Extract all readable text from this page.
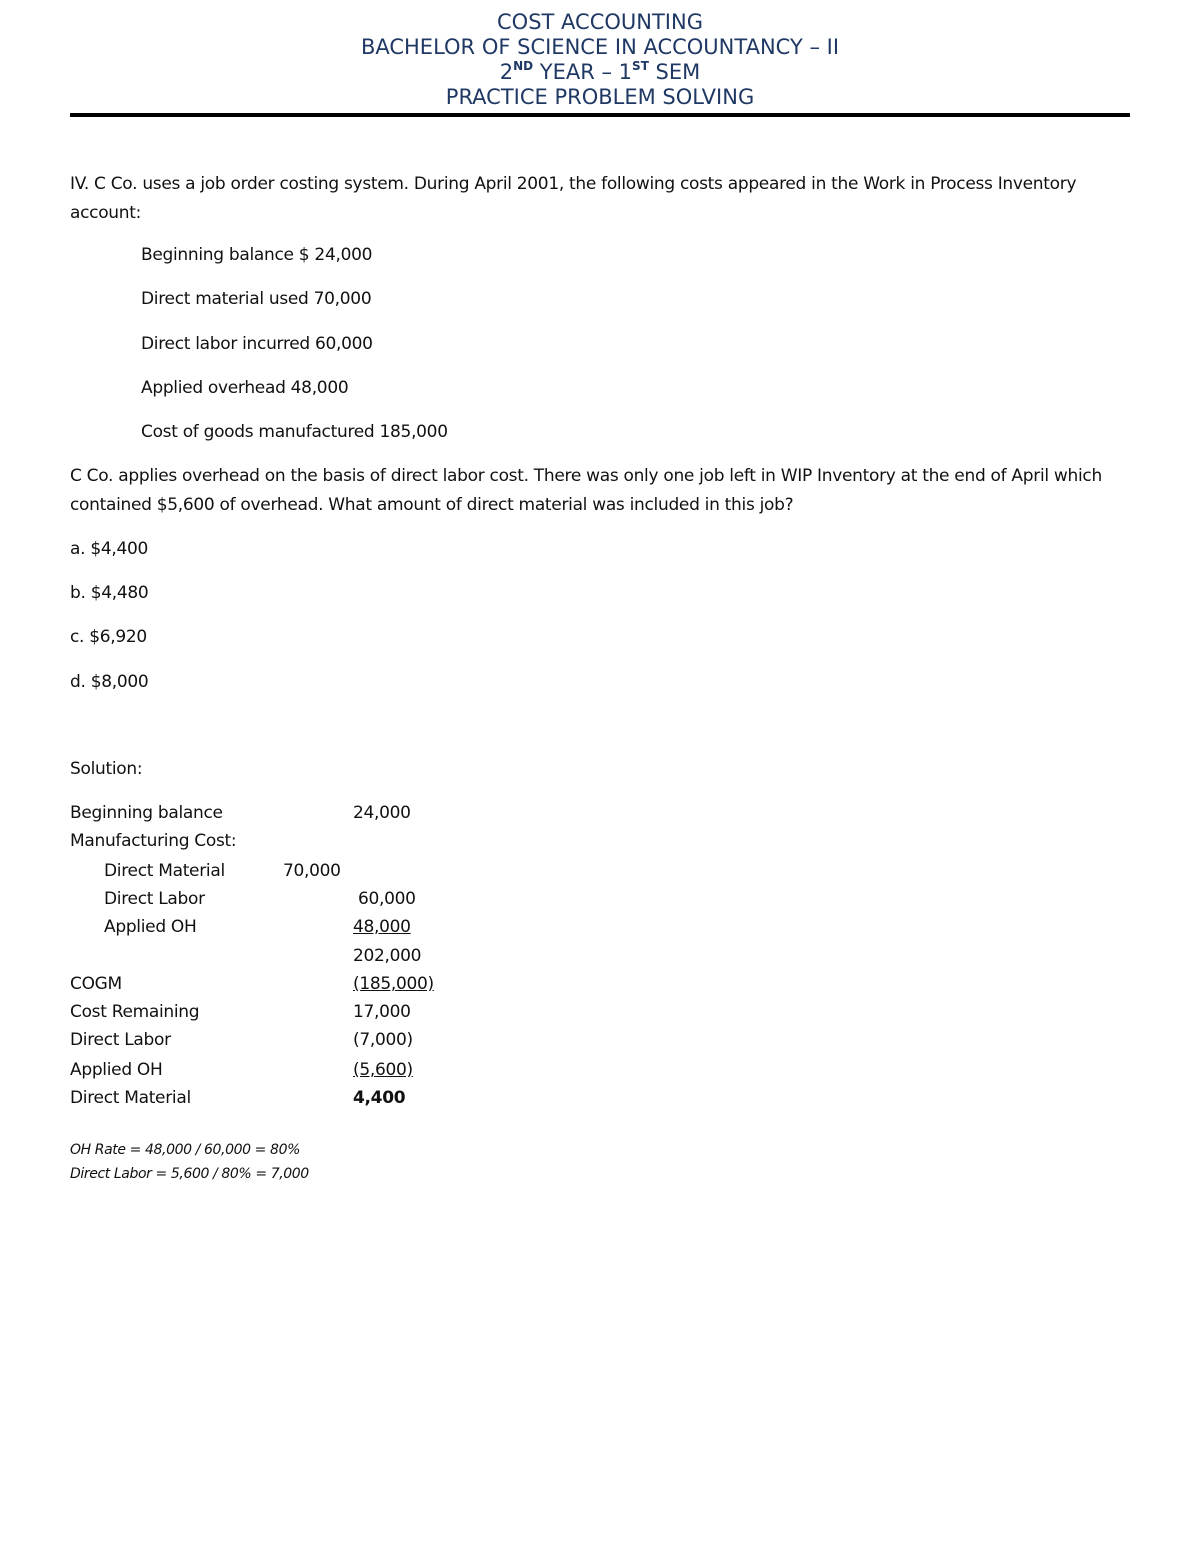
COST ACCOUNTING
BACHELOR OF SCIENCE IN ACCOUNTANCY – II
2ND YEAR – 1ST SEM
PRACTICE PROBLEM SOLVING
IV. C Co. uses a job order costing system. During April 2001, the following costs appeared in the Work in Process Inventory account:
Beginning balance $ 24,000
Direct material used 70,000
Direct labor incurred 60,000
Applied overhead 48,000
Cost of goods manufactured 185,000
C Co. applies overhead on the basis of direct labor cost. There was only one job left in WIP Inventory at the end of April which contained $5,600 of overhead. What amount of direct material was included in this job?
a. $4,400
b. $4,480
c. $6,920
d. $8,000
Solution:
Beginning balance	24,000
Manufacturing Cost:
Direct Material	70,000
Direct Labor	60,000
Applied OH	48,000
202,000
COGM	(185,000)
Cost Remaining	17,000
Direct Labor	(7,000)
Applied OH	(5,600)
Direct Material	4,400
OH Rate = 48,000 / 60,000 = 80%
Direct Labor = 5,600 / 80% = 7,000
